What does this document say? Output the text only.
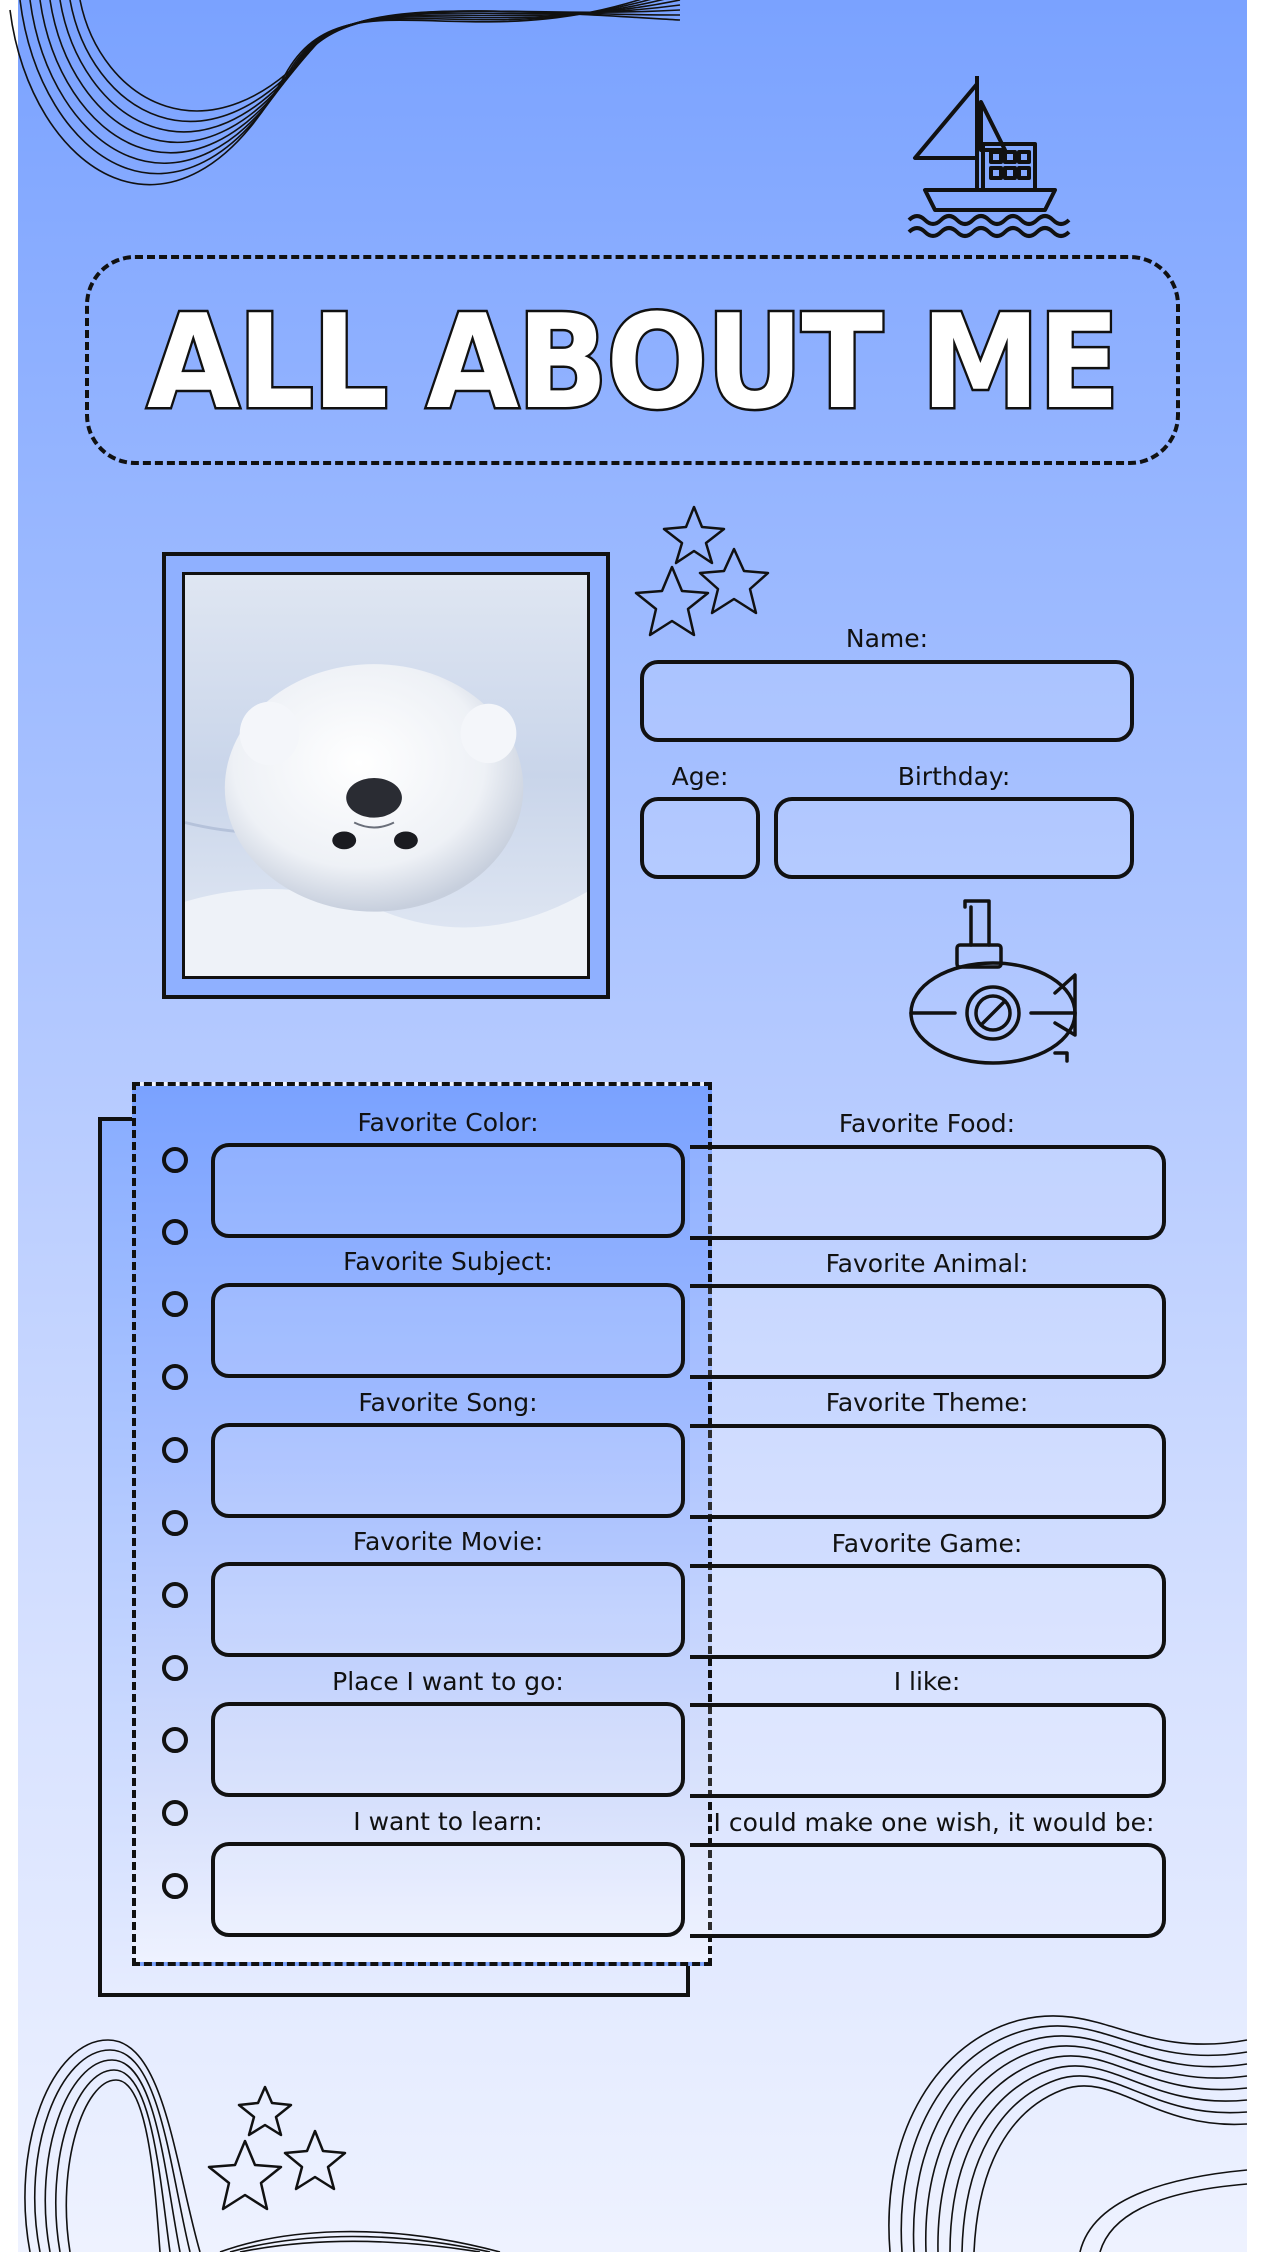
ALL ABOUT ME
Name:
Age:	Birthday:
Favorite Color:
Favorite Subject:
Favorite Song:
Favorite Movie:
Place I want to go:
I want to learn:
Favorite Food:
Favorite Animal:
Favorite Theme:
Favorite Game:
I like:
I could make one wish, it would be:
